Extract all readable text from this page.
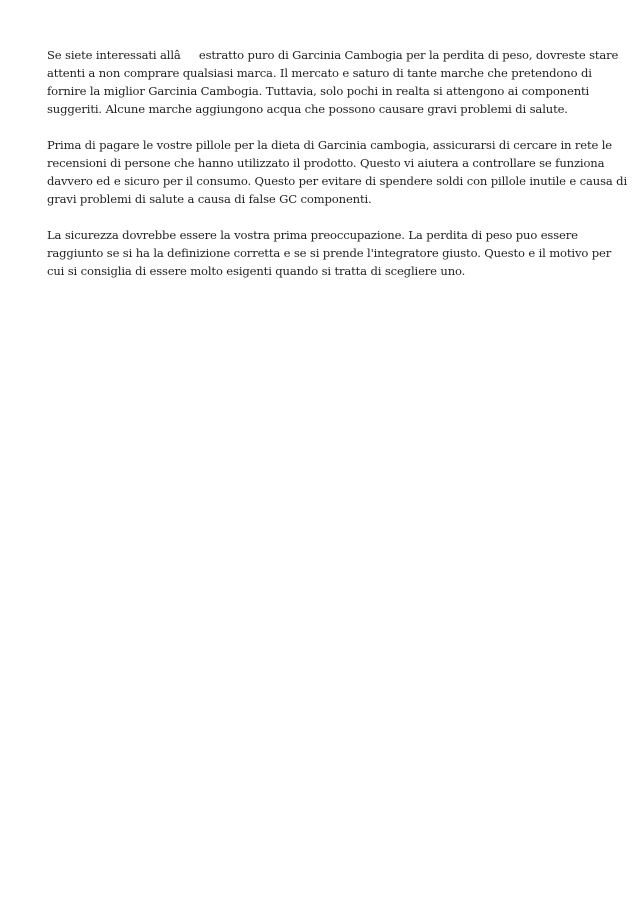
Se siete interessati allâestratto puro di Garcinia Cambogia per la perdita di peso, dovreste stare
attenti a non comprare qualsiasi marca. Il mercato e saturo di tante marche che pretendono di
fornire la miglior Garcinia Cambogia. Tuttavia, solo pochi in realta si attengono ai componenti
suggeriti. Alcune marche aggiungono acqua che possono causare gravi problemi di salute.

Prima di pagare le vostre pillole per la dieta di Garcinia cambogia, assicurarsi di cercare in rete le
recensioni di persone che hanno utilizzato il prodotto. Questo vi aiutera a controllare se funziona
davvero ed e sicuro per il consumo. Questo per evitare di spendere soldi con pillole inutile e causa di
gravi problemi di salute a causa di false GC componenti.

La sicurezza dovrebbe essere la vostra prima preoccupazione. La perdita di peso puo essere
raggiunto se si ha la definizione corretta e se si prende l'integratore giusto. Questo e il motivo per
cui si consiglia di essere molto esigenti quando si tratta di scegliere uno.
